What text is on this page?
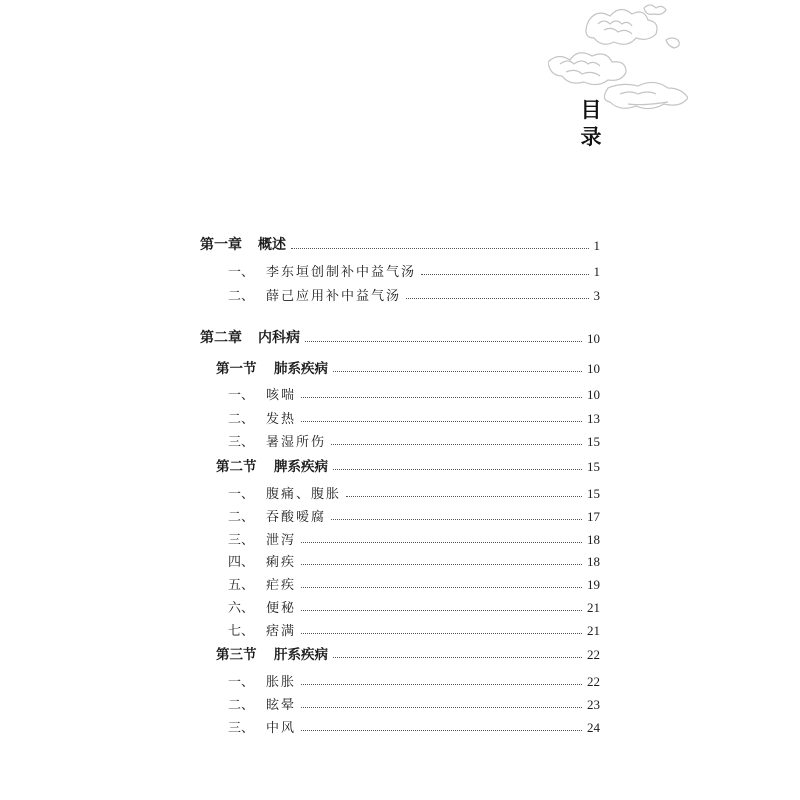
目
录
第一章 概述	1
一、 李东垣创制补中益气汤	1
二、 薛己应用补中益气汤	3
第二章 内科病	10
第一节 肺系疾病	10
一、 咳喘	10
二、 发热	13
三、 暑湿所伤	15
第二节 脾系疾病	15
一、 腹痛、腹胀	15
二、 吞酸嗳腐	17
三、 泄泻	18
四、 痢疾	18
五、 疟疾	19
六、 便秘	21
七、 痞满	21
第三节 肝系疾病	22
一、 胀胀	22
二、 眩晕	23
三、 中风	24
